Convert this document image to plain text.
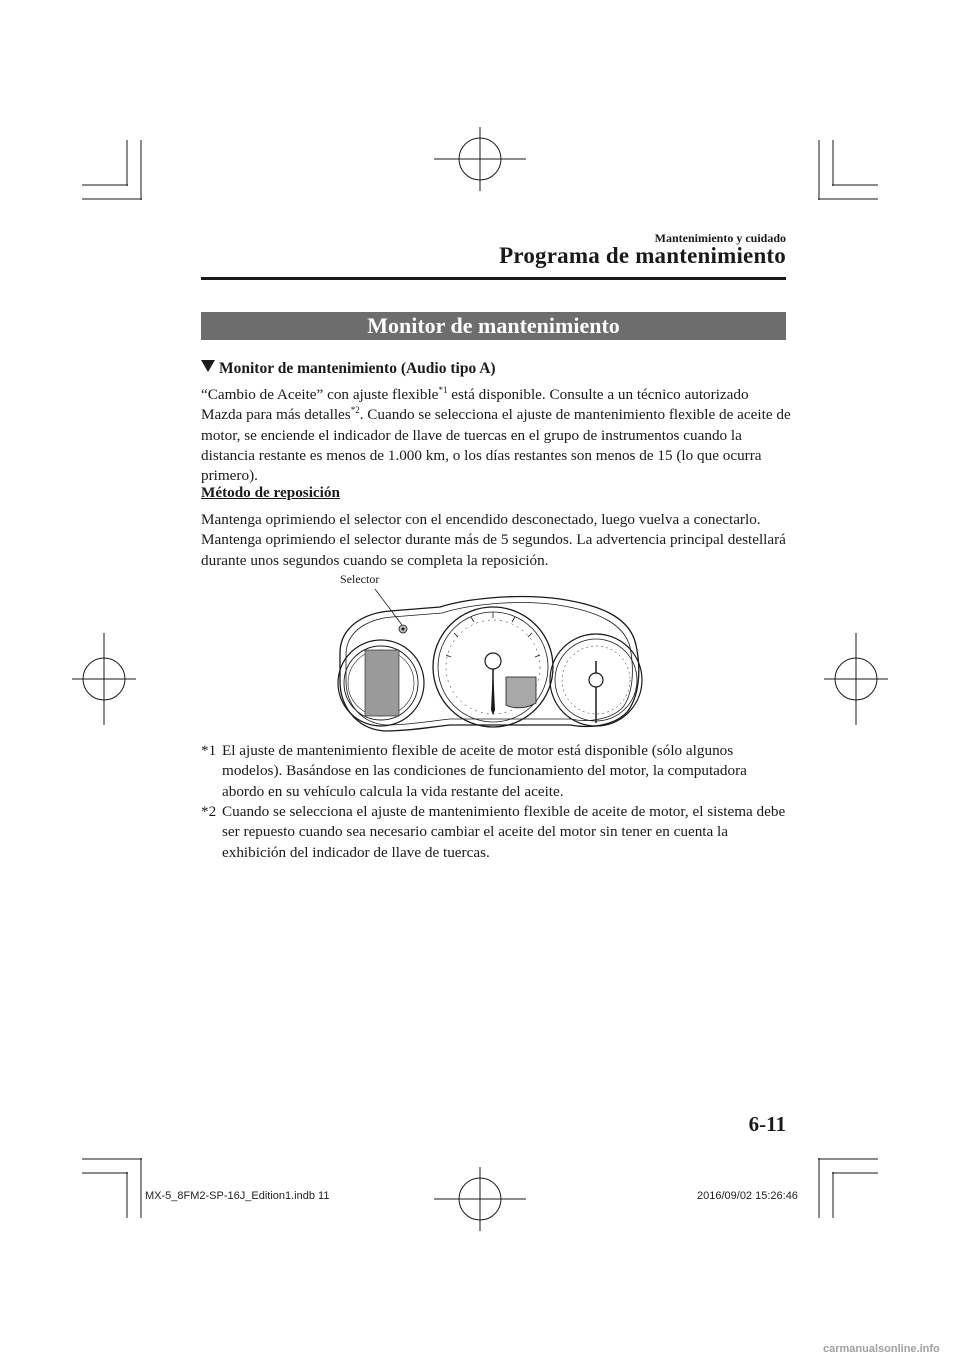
Mantenimiento y cuidado
Programa de mantenimiento
Monitor de mantenimiento
Monitor de mantenimiento (Audio tipo A)
“Cambio de Aceite” con ajuste flexible$^{*1}$ está disponible. Consulte a un técnico autorizado Mazda para más detalles$^{*2}$. Cuando se selecciona el ajuste de mantenimiento flexible de aceite de motor, se enciende el indicador de llave de tuercas en el grupo de instrumentos cuando la distancia restante es menos de 1.000 km, o los días restantes son menos de 15 (lo que ocurra primero).
Método de reposición
Mantenga oprimiendo el selector con el encendido desconectado, luego vuelva a conectarlo. Mantenga oprimiendo el selector durante más de 5 segundos. La advertencia principal destellará durante unos segundos cuando se completa la reposición.
Selector
*1 El ajuste de mantenimiento flexible de aceite de motor está disponible (sólo algunos modelos). Basándose en las condiciones de funcionamiento del motor, la computadora abordo en su vehículo calcula la vida restante del aceite.
*2 Cuando se selecciona el ajuste de mantenimiento flexible de aceite de motor, el sistema debe ser repuesto cuando sea necesario cambiar el aceite del motor sin tener en cuenta la exhibición del indicador de llave de tuercas.
6-11
MX-5_8FM2-SP-16J_Edition1.indb 11	2016/09/02 15:26:46
carmanualsonline.info
